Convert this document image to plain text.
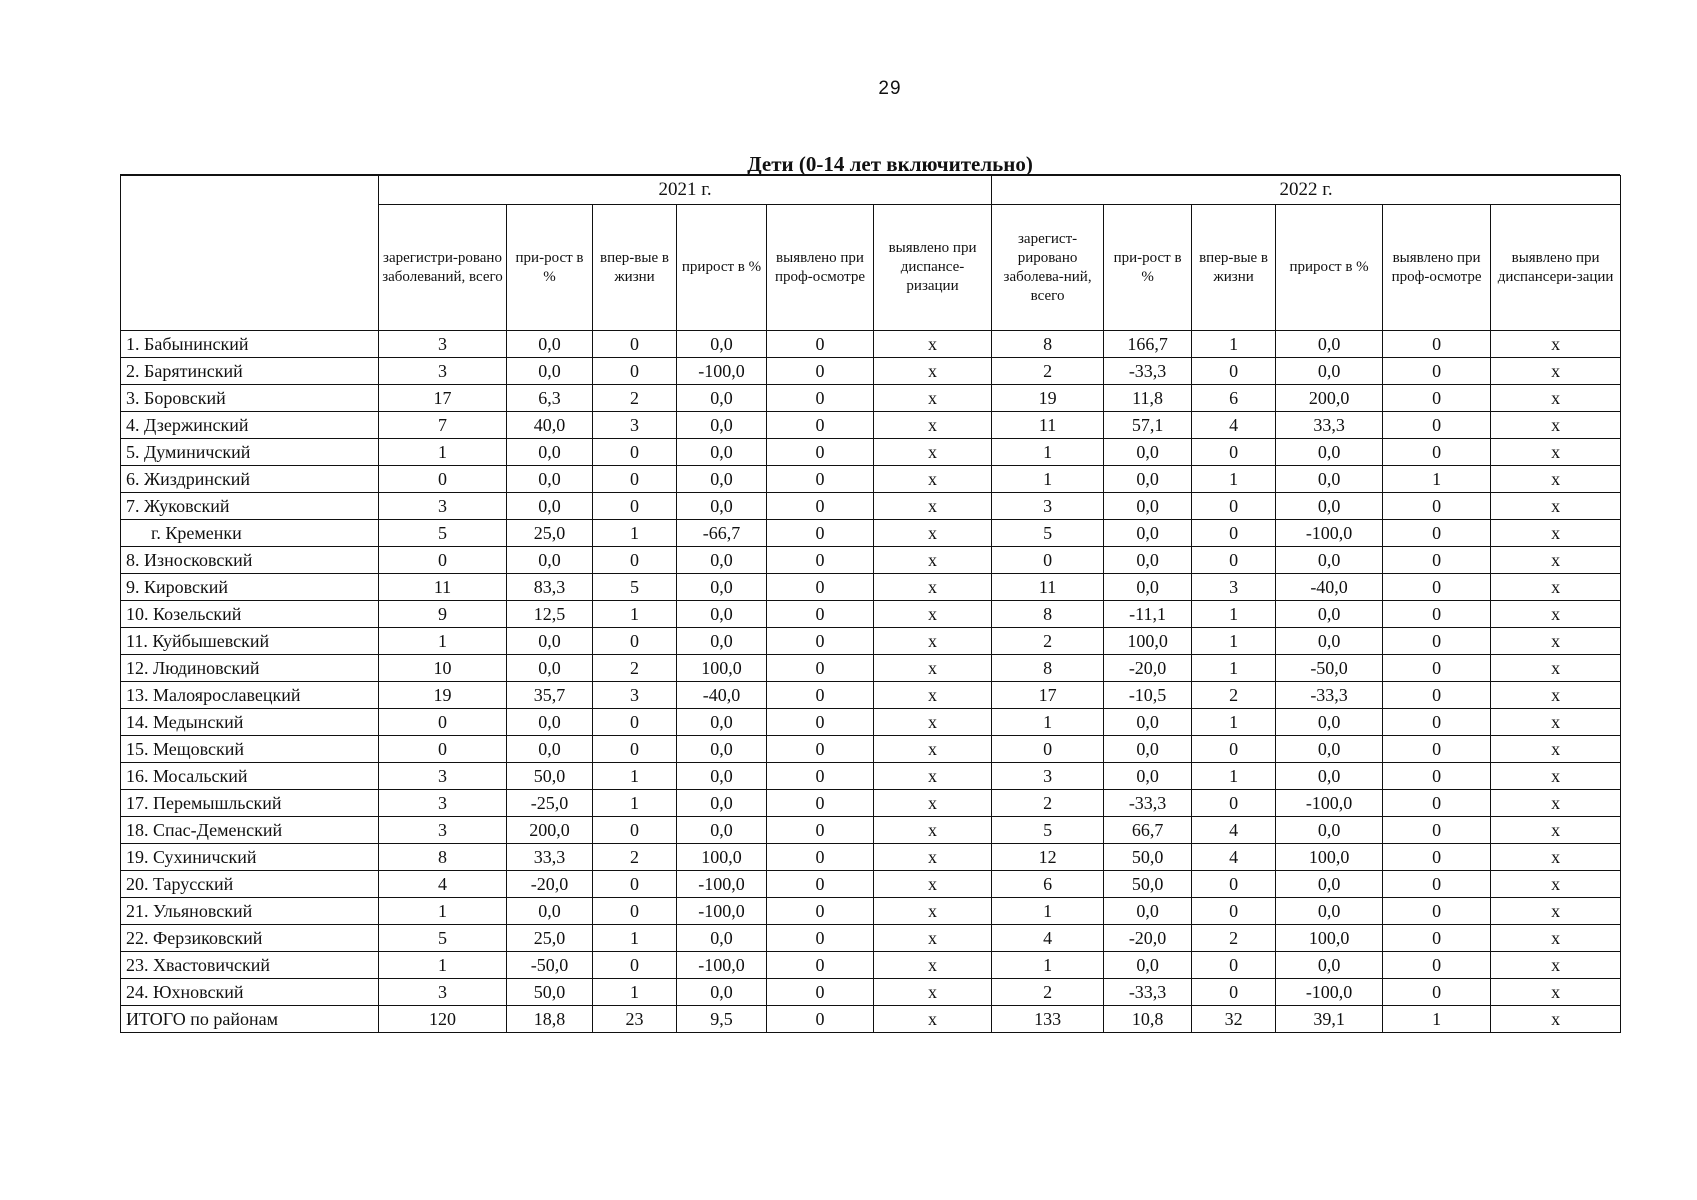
29
Дети (0-14 лет включительно)
	2021 г.						2022 г.					
	зарегистри-рованo заболеваний, всего	при-рост в %	впер-вые в жизни	прирост в %	выявлено при проф-осмотре	выявлено при диспансе-ризации	зарегист-рировано заболева-ний, всего	при-рост в %	впер-вые в жизни	прирост в %	выявлено при проф-осмотре	выявлено при диспансери-зации
1. Бабынинский	3	0,0	0	0,0	0	x	8	166,7	1	0,0	0	x
2. Барятинский	3	0,0	0	-100,0	0	x	2	-33,3	0	0,0	0	x
3. Боровский	17	6,3	2	0,0	0	x	19	11,8	6	200,0	0	x
4. Дзержинский	7	40,0	3	0,0	0	x	11	57,1	4	33,3	0	x
5. Думиничский	1	0,0	0	0,0	0	x	1	0,0	0	0,0	0	x
6. Жиздринский	0	0,0	0	0,0	0	x	1	0,0	1	0,0	1	x
7. Жуковский	3	0,0	0	0,0	0	x	3	0,0	0	0,0	0	x
г. Кременки	5	25,0	1	-66,7	0	x	5	0,0	0	-100,0	0	x
8. Износковский	0	0,0	0	0,0	0	x	0	0,0	0	0,0	0	x
9. Кировский	11	83,3	5	0,0	0	x	11	0,0	3	-40,0	0	x
10. Козельский	9	12,5	1	0,0	0	x	8	-11,1	1	0,0	0	x
11. Куйбышевский	1	0,0	0	0,0	0	x	2	100,0	1	0,0	0	x
12. Людиновский	10	0,0	2	100,0	0	x	8	-20,0	1	-50,0	0	x
13. Малоярославецкий	19	35,7	3	-40,0	0	x	17	-10,5	2	-33,3	0	x
14. Медынский	0	0,0	0	0,0	0	x	1	0,0	1	0,0	0	x
15. Мещовский	0	0,0	0	0,0	0	x	0	0,0	0	0,0	0	x
16. Мосальский	3	50,0	1	0,0	0	x	3	0,0	1	0,0	0	x
17. Перемышльский	3	-25,0	1	0,0	0	x	2	-33,3	0	-100,0	0	x
18. Спас-Деменский	3	200,0	0	0,0	0	x	5	66,7	4	0,0	0	x
19. Сухиничский	8	33,3	2	100,0	0	x	12	50,0	4	100,0	0	x
20. Тарусский	4	-20,0	0	-100,0	0	x	6	50,0	0	0,0	0	x
21. Ульяновский	1	0,0	0	-100,0	0	x	1	0,0	0	0,0	0	x
22. Ферзиковский	5	25,0	1	0,0	0	x	4	-20,0	2	100,0	0	x
23. Хвастовичский	1	-50,0	0	-100,0	0	x	1	0,0	0	0,0	0	x
24. Юхновский	3	50,0	1	0,0	0	x	2	-33,3	0	-100,0	0	x
ИТОГО по районам	120	18,8	23	9,5	0	x	133	10,8	32	39,1	1	x
